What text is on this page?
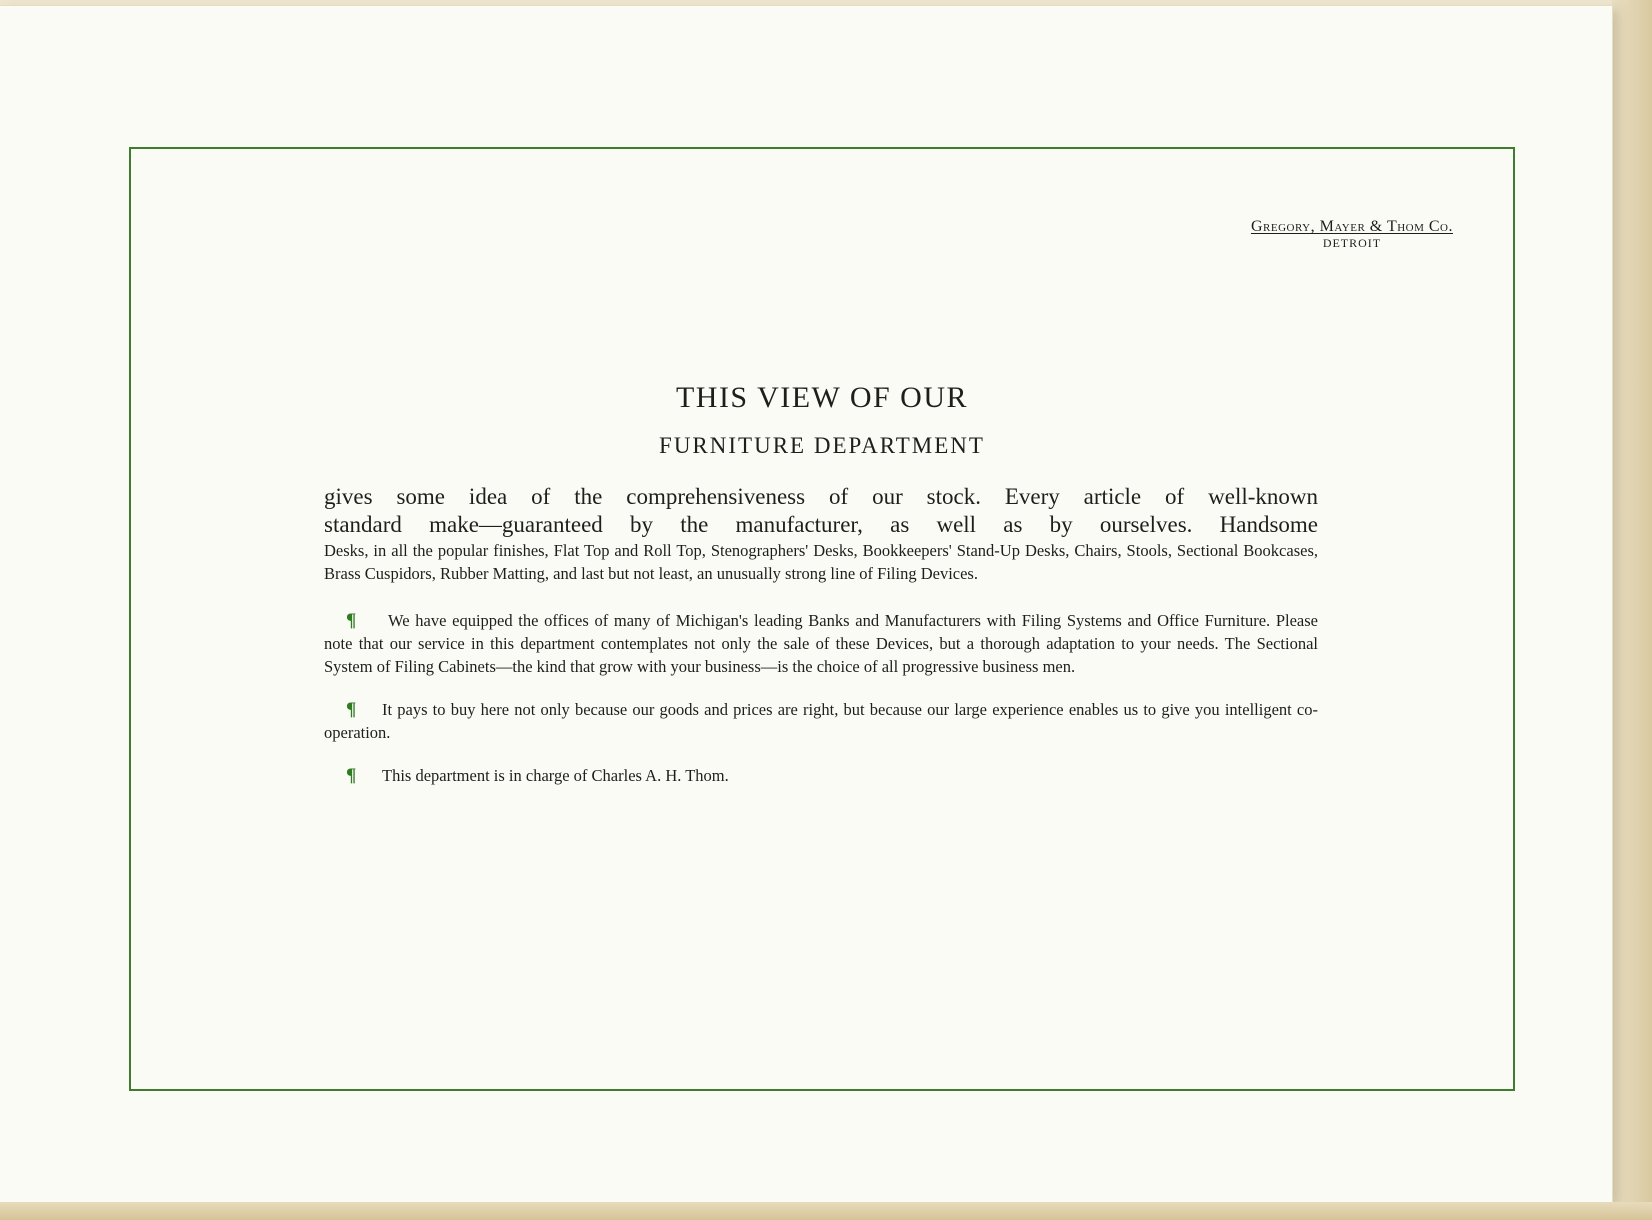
Gregory, Mayer & Thom Co.
DETROIT
THIS VIEW OF OUR
FURNITURE DEPARTMENT

gives some idea of the comprehensiveness of our stock. Every article of well-known

standard make—guaranteed by the manufacturer, as well as by ourselves. Handsome

Desks, in all the popular finishes, Flat Top and Roll Top, Stenographers' Desks, Bookkeepers' Stand-Up Desks, Chairs, Stools, Sectional Bookcases, Brass Cuspidors, Rubber Matting, and last but not least, an unusually strong line of Filing Devices.

¶ We have equipped the offices of many of Michigan's leading Banks and Manufacturers with Filing Systems and Office Furniture. Please note that our service in this department contemplates not only the sale of these Devices, but a thorough adaptation to your needs. The Sectional System of Filing Cabinets—the kind that grow with your business—is the choice of all progressive business men.

¶ It pays to buy here not only because our goods and prices are right, but because our large experience enables us to give you intelligent co-operation.

¶ This department is in charge of Charles A. H. Thom.
